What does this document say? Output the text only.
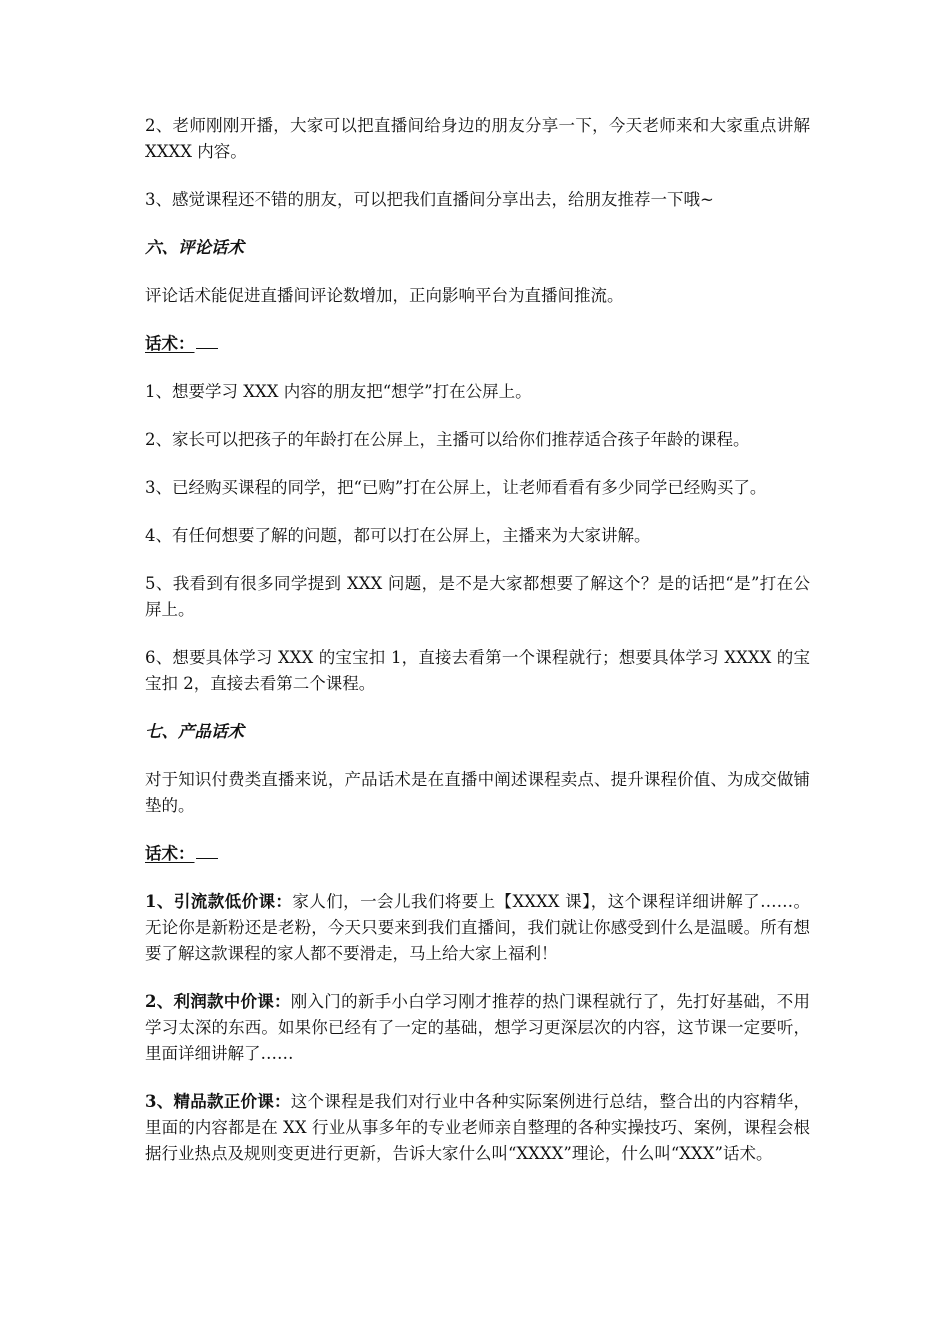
2、老师刚刚开播，大家可以把直播间给身边的朋友分享一下，今天老师来和大家重点讲解 XXXX 内容。

3、感觉课程还不错的朋友，可以把我们直播间分享出去，给朋友推荐一下哦~

六、评论话术

评论话术能促进直播间评论数增加，正向影响平台为直播间推流。

话术：

1、想要学习 XXX 内容的朋友把“想学”打在公屏上。

2、家长可以把孩子的年龄打在公屏上，主播可以给你们推荐适合孩子年龄的课程。

3、已经购买课程的同学，把“已购”打在公屏上，让老师看看有多少同学已经购买了。

4、有任何想要了解的问题，都可以打在公屏上，主播来为大家讲解。

5、我看到有很多同学提到 XXX 问题，是不是大家都想要了解这个？是的话把“是”打在公屏上。

6、想要具体学习 XXX 的宝宝扣 1，直接去看第一个课程就行；想要具体学习 XXXX 的宝宝扣 2，直接去看第二个课程。

七、产品话术

对于知识付费类直播来说，产品话术是在直播中阐述课程卖点、提升课程价值、为成交做铺垫的。

话术：

1、引流款低价课：家人们，一会儿我们将要上【XXXX 课】，这个课程详细讲解了……。无论你是新粉还是老粉，今天只要来到我们直播间，我们就让你感受到什么是温暖。所有想要了解这款课程的家人都不要滑走，马上给大家上福利！

2、利润款中价课：刚入门的新手小白学习刚才推荐的热门课程就行了，先打好基础，不用学习太深的东西。如果你已经有了一定的基础，想学习更深层次的内容，这节课一定要听，里面详细讲解了……

3、精品款正价课：这个课程是我们对行业中各种实际案例进行总结，整合出的内容精华，里面的内容都是在 XX 行业从事多年的专业老师亲自整理的各种实操技巧、案例，课程会根据行业热点及规则变更进行更新，告诉大家什么叫“XXXX”理论，什么叫“XXX”话术。
